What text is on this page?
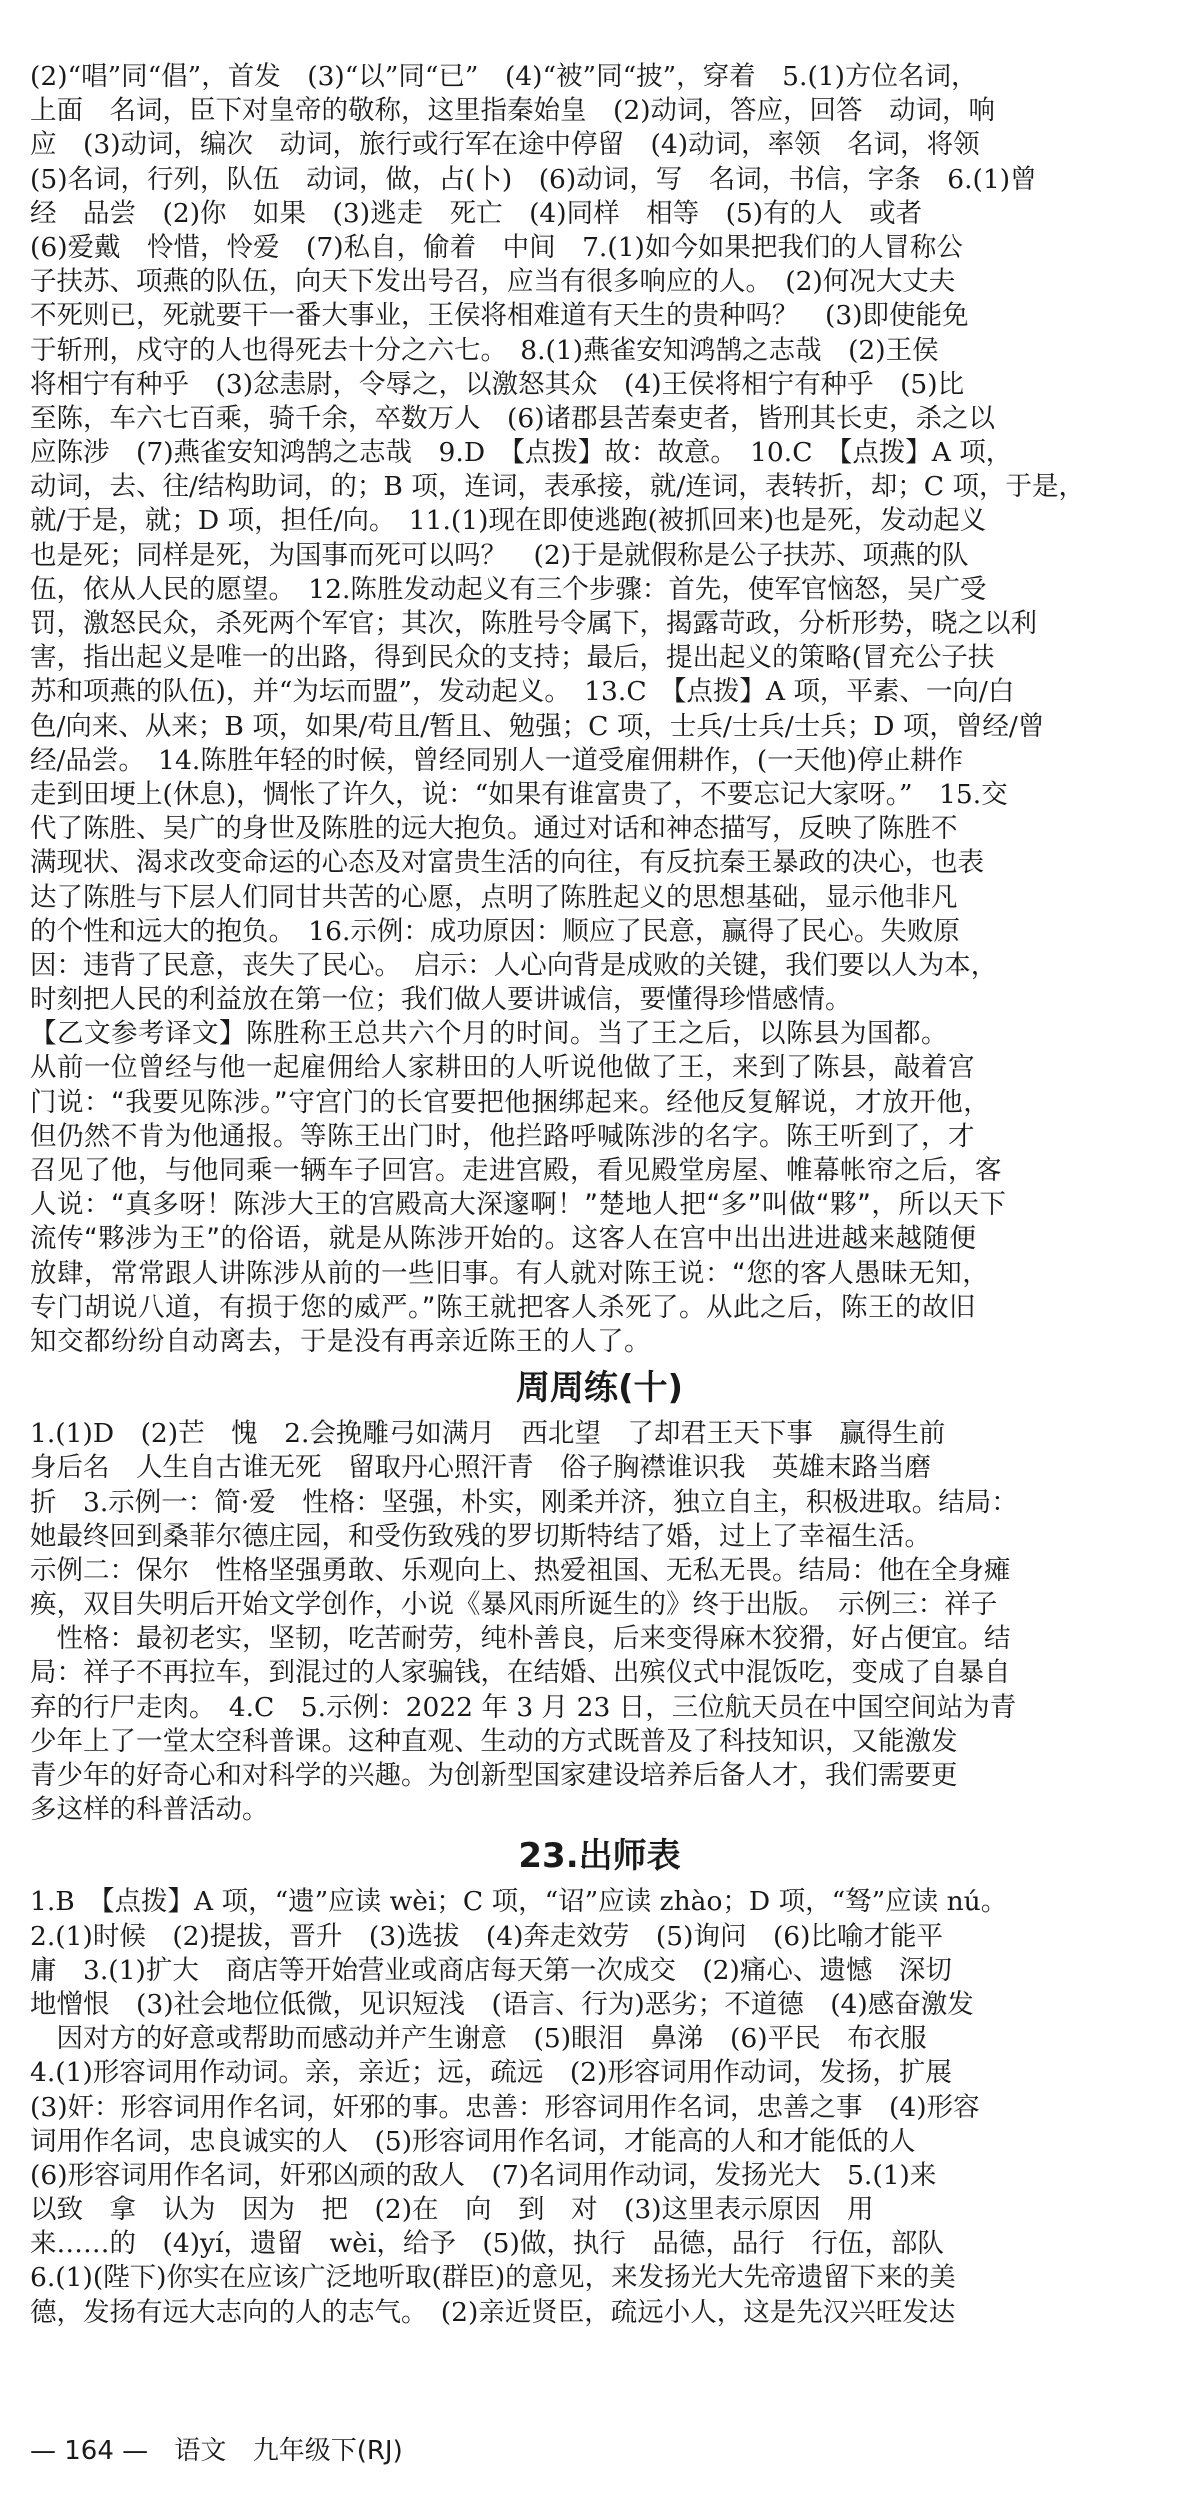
(2)“唱”同“倡”，首发　(3)“以”同“已”　(4)“被”同“披”，穿着　5.(1)方位名词，
上面　名词，臣下对皇帝的敬称，这里指秦始皇　(2)动词，答应，回答　动词，响
应　(3)动词，编次　动词，旅行或行军在途中停留　(4)动词，率领　名词，将领
(5)名词，行列，队伍　动词，做，占(卜)　(6)动词，写　名词，书信，字条　6.(1)曾
经　品尝　(2)你　如果　(3)逃走　死亡　(4)同样　相等　(5)有的人　或者
(6)爱戴　怜惜，怜爱　(7)私自，偷着　中间　7.(1)如今如果把我们的人冒称公
子扶苏、项燕的队伍，向天下发出号召，应当有很多响应的人。　(2)何况大丈夫
不死则已，死就要干一番大事业，王侯将相难道有天生的贵种吗？　(3)即使能免
于斩刑，戍守的人也得死去十分之六七。　8.(1)燕雀安知鸿鹄之志哉　(2)王侯
将相宁有种乎　(3)忿恚尉，令辱之，以激怒其众　(4)王侯将相宁有种乎　(5)比
至陈，车六七百乘，骑千余，卒数万人　(6)诸郡县苦秦吏者，皆刑其长吏，杀之以
应陈涉　(7)燕雀安知鸿鹄之志哉　9.D　【点拨】故：故意。　10.C　【点拨】A 项，
动词，去、往/结构助词，的；B 项，连词，表承接，就/连词，表转折，却；C 项，于是，
就/于是，就；D 项，担任/向。　11.(1)现在即使逃跑(被抓回来)也是死，发动起义
也是死；同样是死，为国事而死可以吗？　(2)于是就假称是公子扶苏、项燕的队
伍，依从人民的愿望。　12.陈胜发动起义有三个步骤：首先，使军官恼怒，吴广受
罚，激怒民众，杀死两个军官；其次，陈胜号令属下，揭露苛政，分析形势，晓之以利
害，指出起义是唯一的出路，得到民众的支持；最后，提出起义的策略(冒充公子扶
苏和项燕的队伍)，并“为坛而盟”，发动起义。　13.C　【点拨】A 项，平素、一向/白
色/向来、从来；B 项，如果/苟且/暂且、勉强；C 项，士兵/士兵/士兵；D 项，曾经/曾
经/品尝。　14.陈胜年轻的时候，曾经同别人一道受雇佣耕作，(一天他)停止耕作
走到田埂上(休息)，惆怅了许久，说：“如果有谁富贵了，不要忘记大家呀。”　15.交
代了陈胜、吴广的身世及陈胜的远大抱负。通过对话和神态描写，反映了陈胜不
满现状、渴求改变命运的心态及对富贵生活的向往，有反抗秦王暴政的决心，也表
达了陈胜与下层人们同甘共苦的心愿，点明了陈胜起义的思想基础，显示他非凡
的个性和远大的抱负。　16.示例：成功原因：顺应了民意，赢得了民心。失败原
因：违背了民意，丧失了民心。　启示：人心向背是成败的关键，我们要以人为本，
时刻把人民的利益放在第一位；我们做人要讲诚信，要懂得珍惜感情。
【乙文参考译文】陈胜称王总共六个月的时间。当了王之后，以陈县为国都。
从前一位曾经与他一起雇佣给人家耕田的人听说他做了王，来到了陈县，敲着宫
门说：“我要见陈涉。”守宫门的长官要把他捆绑起来。经他反复解说，才放开他，
但仍然不肯为他通报。等陈王出门时，他拦路呼喊陈涉的名字。陈王听到了，才
召见了他，与他同乘一辆车子回宫。走进宫殿，看见殿堂房屋、帷幕帐帘之后，客
人说：“真多呀！陈涉大王的宫殿高大深邃啊！”楚地人把“多”叫做“夥”，所以天下
流传“夥涉为王”的俗语，就是从陈涉开始的。这客人在宫中出出进进越来越随便
放肆，常常跟人讲陈涉从前的一些旧事。有人就对陈王说：“您的客人愚昧无知，
专门胡说八道，有损于您的威严。”陈王就把客人杀死了。从此之后，陈王的故旧
知交都纷纷自动离去，于是没有再亲近陈王的人了。
周周练(十)
1.(1)D　(2)芒　愧　2.会挽雕弓如满月　西北望　了却君王天下事　赢得生前
身后名　人生自古谁无死　留取丹心照汗青　俗子胸襟谁识我　英雄末路当磨
折　3.示例一：简·爱　性格：坚强，朴实，刚柔并济，独立自主，积极进取。结局：
她最终回到桑菲尔德庄园，和受伤致残的罗切斯特结了婚，过上了幸福生活。
示例二：保尔　性格坚强勇敢、乐观向上、热爱祖国、无私无畏。结局：他在全身瘫
痪，双目失明后开始文学创作，小说《暴风雨所诞生的》终于出版。　示例三：祥子
　性格：最初老实，坚韧，吃苦耐劳，纯朴善良，后来变得麻木狡猾，好占便宜。结
局：祥子不再拉车，到混过的人家骗钱，在结婚、出殡仪式中混饭吃，变成了自暴自
弃的行尸走肉。　4.C　5.示例：2022 年 3 月 23 日，三位航天员在中国空间站为青
少年上了一堂太空科普课。这种直观、生动的方式既普及了科技知识，又能激发
青少年的好奇心和对科学的兴趣。为创新型国家建设培养后备人才，我们需要更
多这样的科普活动。
23.出师表
1.B　【点拨】A 项，“遗”应读 wèi；C 项，“诏”应读 zhào；D 项，“驽”应读 nú。
2.(1)时候　(2)提拔，晋升　(3)选拔　(4)奔走效劳　(5)询问　(6)比喻才能平
庸　3.(1)扩大　商店等开始营业或商店每天第一次成交　(2)痛心、遗憾　深切
地憎恨　(3)社会地位低微，见识短浅　(语言、行为)恶劣；不道德　(4)感奋激发
　因对方的好意或帮助而感动并产生谢意　(5)眼泪　鼻涕　(6)平民　布衣服
4.(1)形容词用作动词。亲，亲近；远，疏远　(2)形容词用作动词，发扬，扩展
(3)奸：形容词用作名词，奸邪的事。忠善：形容词用作名词，忠善之事　(4)形容
词用作名词，忠良诚实的人　(5)形容词用作名词，才能高的人和才能低的人
(6)形容词用作名词，奸邪凶顽的敌人　(7)名词用作动词，发扬光大　5.(1)来
以致　拿　认为　因为　把　(2)在　向　到　对　(3)这里表示原因　用
来……的　(4)yí，遗留　wèi，给予　(5)做，执行　品德，品行　行伍，部队
6.(1)(陛下)你实在应该广泛地听取(群臣)的意见，来发扬光大先帝遗留下来的美
德，发扬有远大志向的人的志气。　(2)亲近贤臣，疏远小人，这是先汉兴旺发达
— 164 — 语文 九年级下(RJ)
